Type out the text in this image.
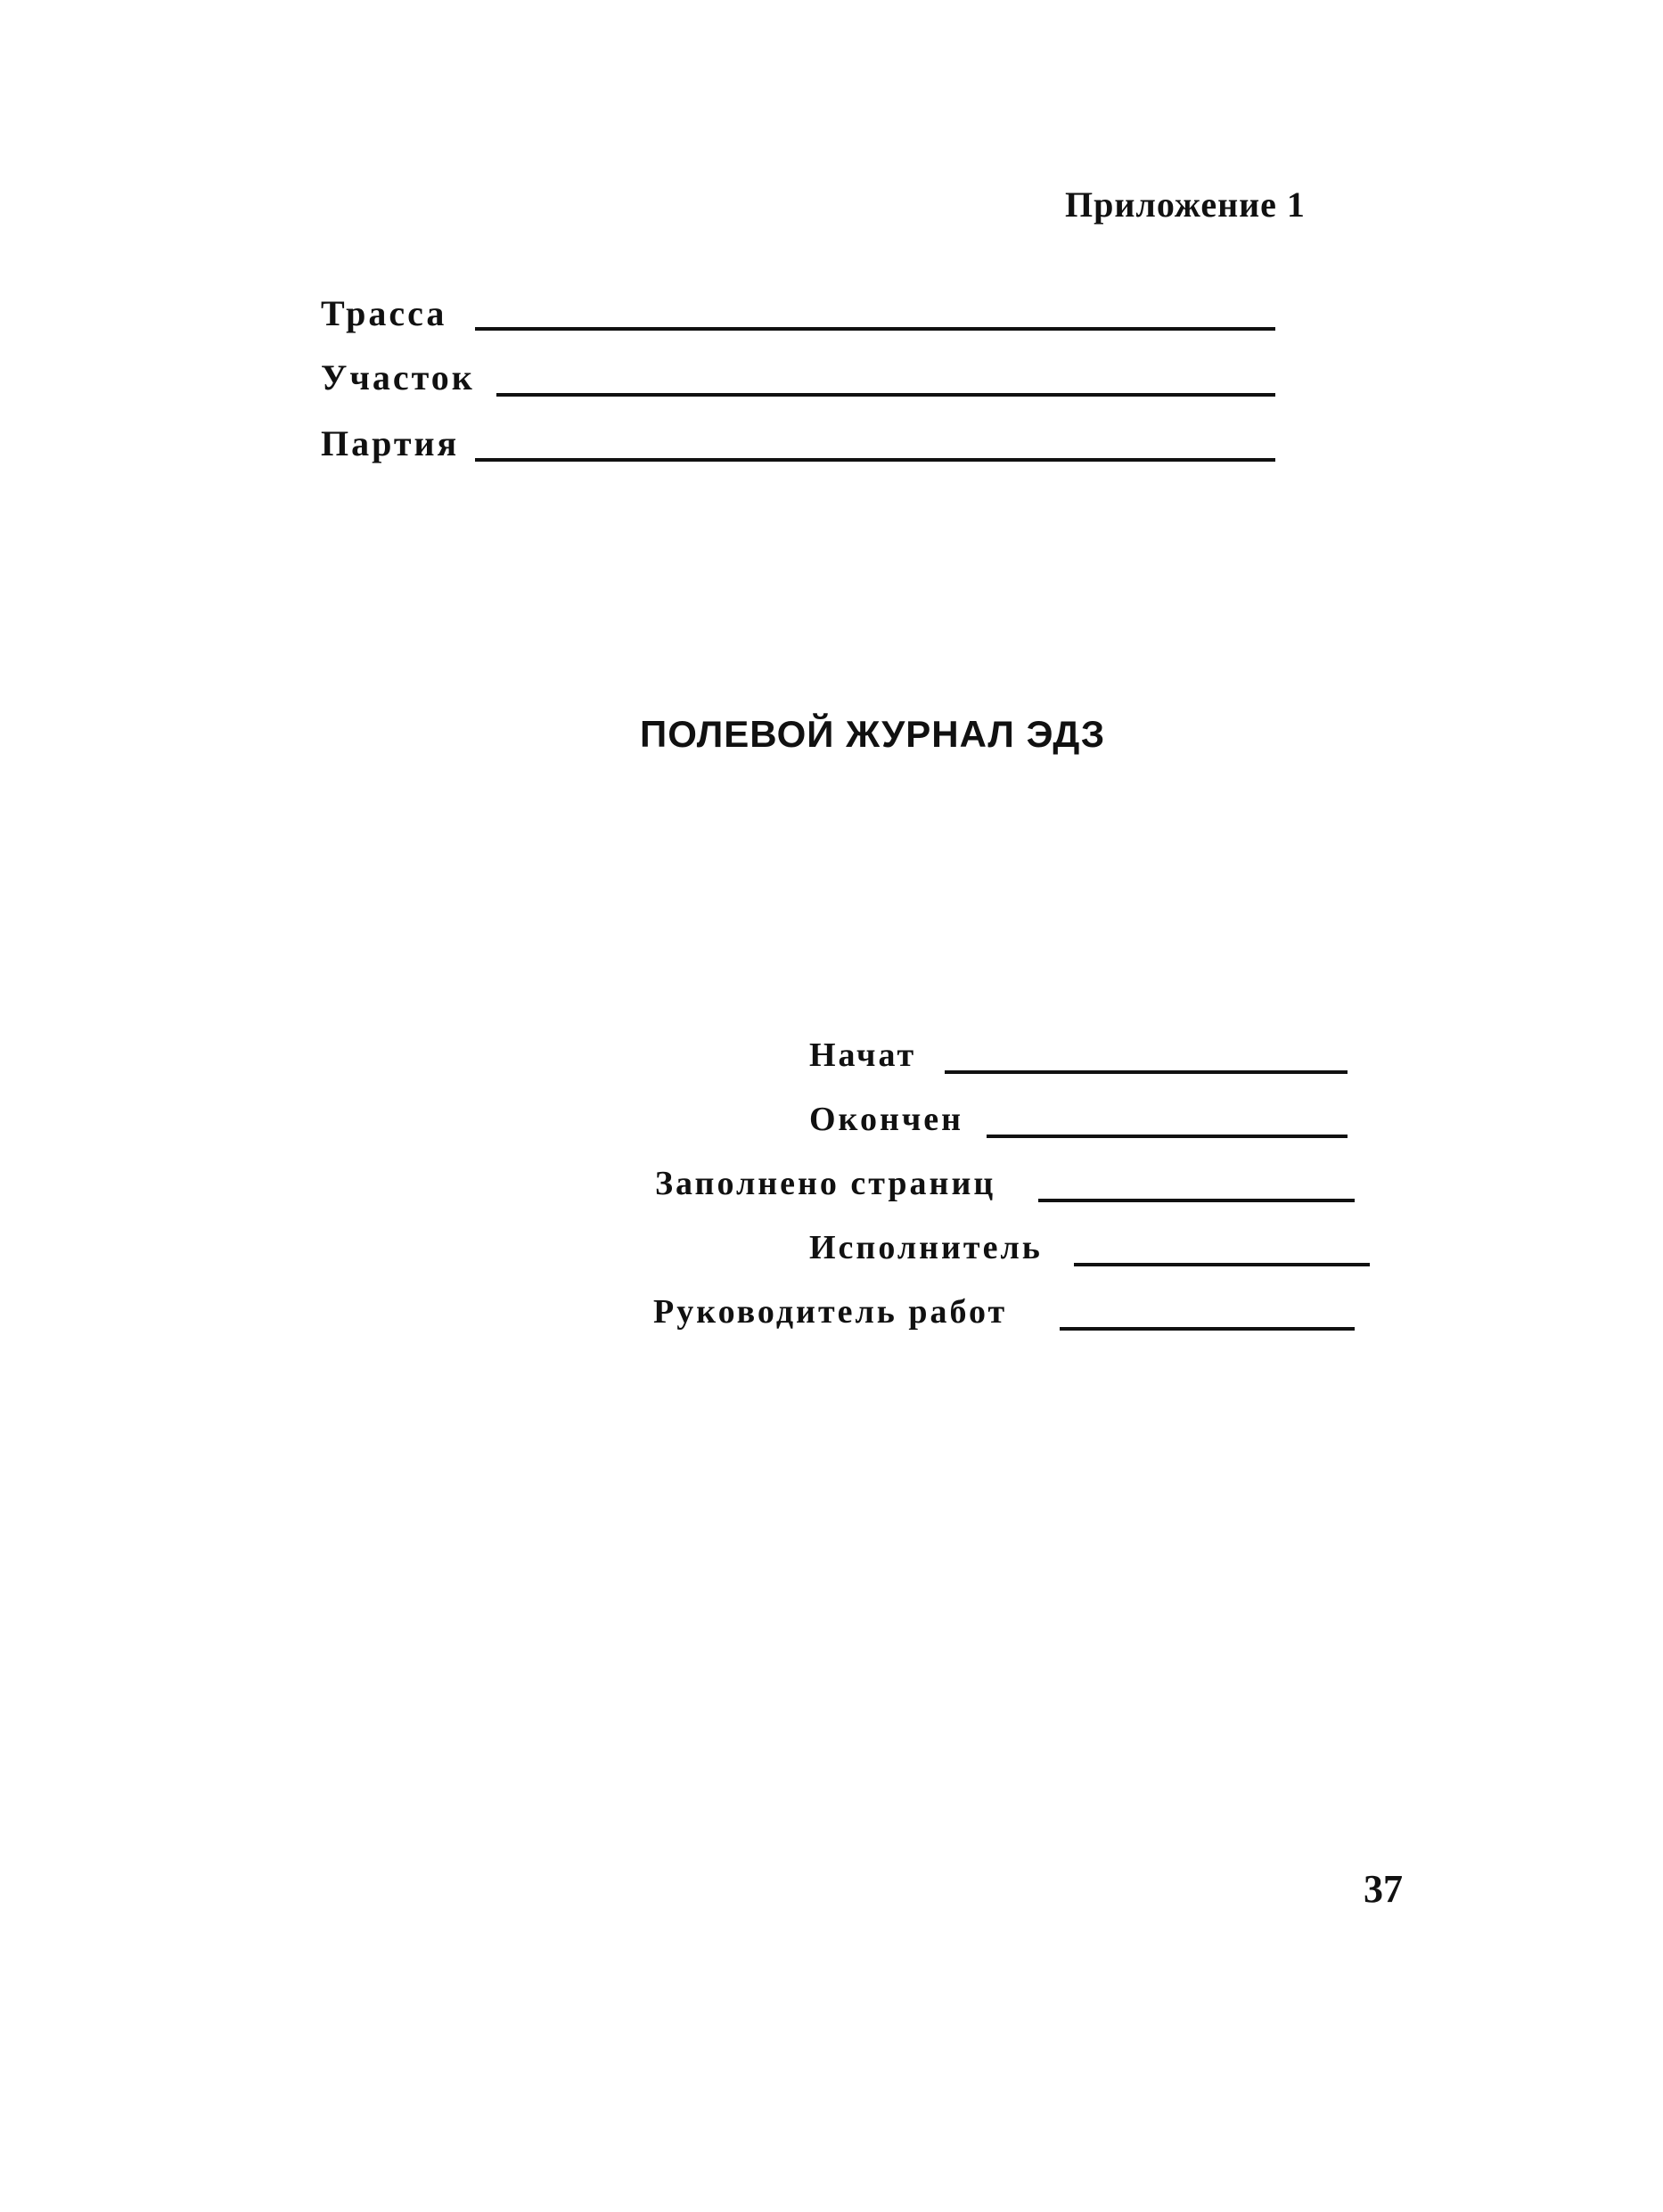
Приложение 1
Трасса
Участок
Партия
ПОЛЕВОЙ ЖУРНАЛ ЭДЗ
Начат
Окончен
Заполнено страниц
Исполнитель
Руководитель работ
37
